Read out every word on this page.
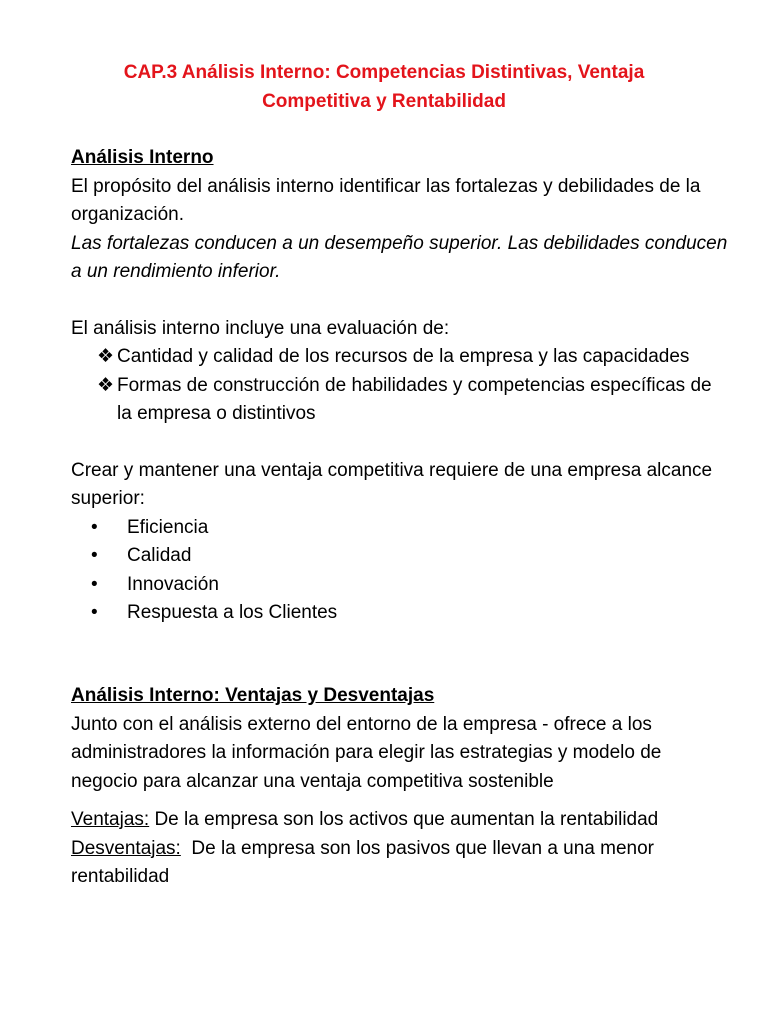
CAP.3 Análisis Interno: Competencias Distintivas, Ventaja
Competitiva y Rentabilidad
Análisis Interno
El propósito del análisis interno identificar las fortalezas y debilidades de la organización.
Las fortalezas conducen a un desempeño superior. Las debilidades conducen a un rendimiento inferior.
El análisis interno incluye una evaluación de:
❖ Cantidad y calidad de los recursos de la empresa y las capacidades
❖ Formas de construcción de habilidades y competencias específicas de la empresa o distintivos
Crear y mantener una ventaja competitiva requiere de una empresa alcance superior:
• Eficiencia
• Calidad
• Innovación
• Respuesta a los Clientes
Análisis Interno: Ventajas y Desventajas
Junto con el análisis externo del entorno de la empresa - ofrece a los administradores la información para elegir las estrategias y modelo de negocio para alcanzar una ventaja competitiva sostenible
Ventajas: De la empresa son los activos que aumentan la rentabilidad
Desventajas:  De la empresa son los pasivos que llevan a una menor rentabilidad
